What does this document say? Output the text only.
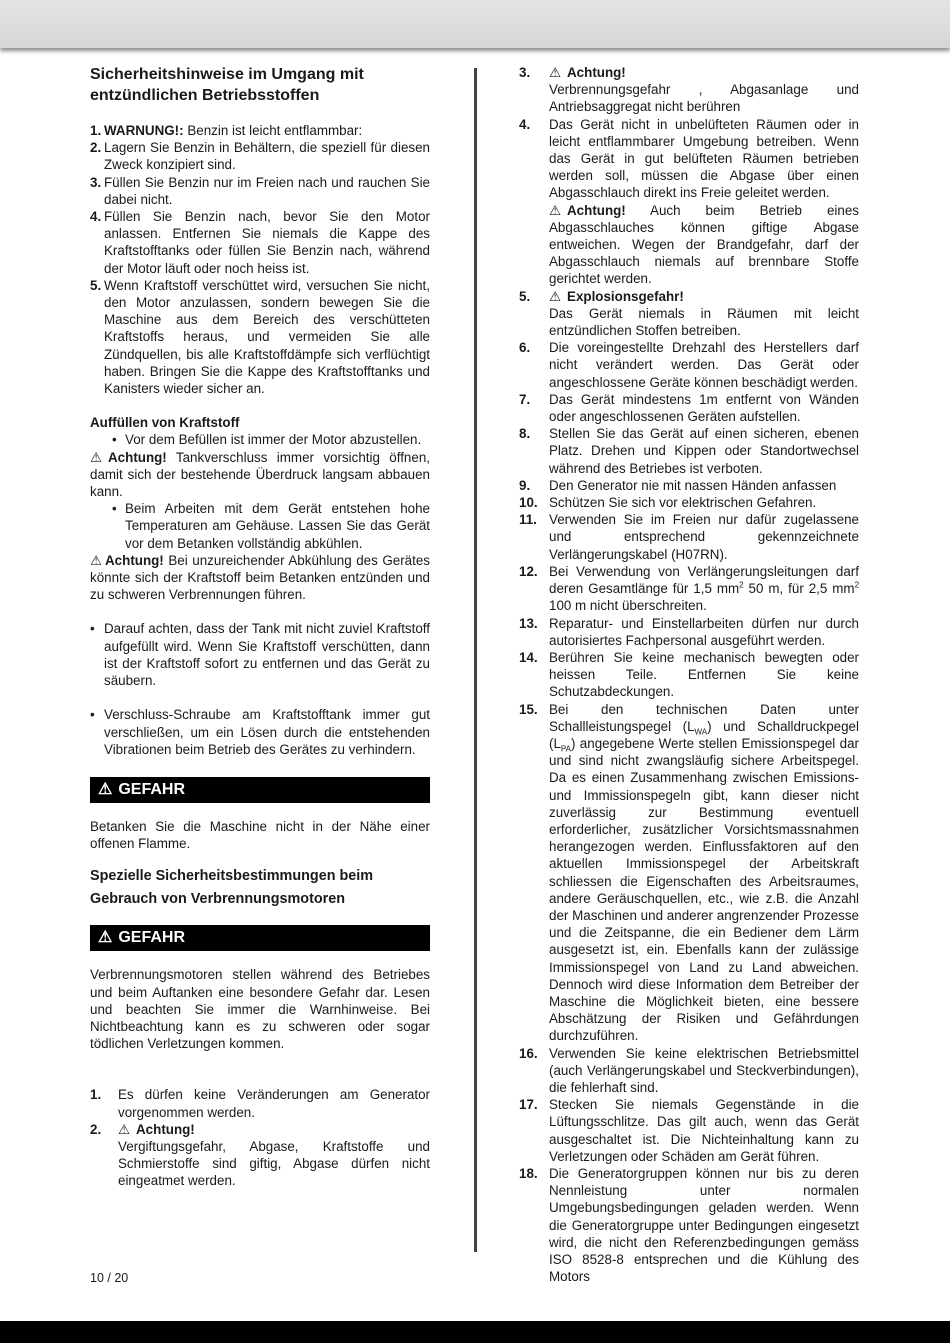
Sicherheitshinweise im Umgang mit entzündlichen Betriebsstoffen
1. WARNUNG!: Benzin ist leicht entflammbar:
2. Lagern Sie Benzin in Behältern, die speziell für diesen Zweck konzipiert sind.
3. Füllen Sie Benzin nur im Freien nach und rauchen Sie dabei nicht.
4. Füllen Sie Benzin nach, bevor Sie den Motor anlassen. Entfernen Sie niemals die Kappe des Kraftstofftanks oder füllen Sie Benzin nach, während der Motor läuft oder noch heiss ist.
5. Wenn Kraftstoff verschüttet wird, versuchen Sie nicht, den Motor anzulassen, sondern bewegen Sie die Maschine aus dem Bereich des verschütteten Kraftstoffs heraus, und vermeiden Sie alle Zündquellen, bis alle Kraftstoffdämpfe sich verflüchtigt haben. Bringen Sie die Kappe des Kraftstofftanks und Kanisters wieder sicher an.
Auffüllen von Kraftstoff
• Vor dem Befüllen ist immer der Motor abzustellen.
⚠ Achtung! Tankverschluss immer vorsichtig öffnen, damit sich der bestehende Überdruck langsam abbauen kann.
• Beim Arbeiten mit dem Gerät entstehen hohe Temperaturen am Gehäuse. Lassen Sie das Gerät vor dem Betanken vollständig abkühlen.
⚠ Achtung! Bei unzureichender Abkühlung des Gerätes könnte sich der Kraftstoff beim Betanken entzünden und zu schweren Verbrennungen führen.
• Darauf achten, dass der Tank mit nicht zuviel Kraftstoff aufgefüllt wird. Wenn Sie Kraftstoff verschütten, dann ist der Kraftstoff sofort zu entfernen und das Gerät zu säubern.
• Verschluss-Schraube am Kraftstofftank immer gut verschließen, um ein Lösen durch die entstehenden Vibrationen beim Betrieb des Gerätes zu verhindern.
⚠ GEFAHR
Betanken Sie die Maschine nicht in der Nähe einer offenen Flamme.
Spezielle Sicherheitsbestimmungen beim Gebrauch von Verbrennungsmotoren
⚠ GEFAHR
Verbrennungsmotoren stellen während des Betriebes und beim Auftanken eine besondere Gefahr dar. Lesen und beachten Sie immer die Warnhinweise. Bei Nichtbeachtung kann es zu schweren oder sogar tödlichen Verletzungen kommen.
1.	Es dürfen keine Veränderungen am Generator vorgenommen werden.
2.	⚠ Achtung!
Vergiftungsgefahr, Abgase, Kraftstoffe und Schmierstoffe sind giftig, Abgase dürfen nicht eingeatmet werden.
3.	⚠ Achtung!
Verbrennungsgefahr , Abgasanlage und Antriebsaggregat nicht berühren
4.	Das Gerät nicht in unbelüfteten Räumen oder in leicht entflammbarer Umgebung betreiben. Wenn das Gerät in gut belüfteten Räumen betrieben werden soll, müssen die Abgase über einen Abgasschlauch direkt ins Freie geleitet werden.
⚠ Achtung! Auch beim Betrieb eines Abgasschlauches können giftige Abgase entweichen. Wegen der Brandgefahr, darf der Abgasschlauch niemals auf brennbare Stoffe gerichtet werden.
5.	⚠ Explosionsgefahr!
Das Gerät niemals in Räumen mit leicht entzündlichen Stoffen betreiben.
6.	Die voreingestellte Drehzahl des Herstellers darf nicht verändert werden. Das Gerät oder angeschlossene Geräte können beschädigt werden.
7.	Das Gerät mindestens 1m entfernt von Wänden oder angeschlossenen Geräten aufstellen.
8.	Stellen Sie das Gerät auf einen sicheren, ebenen Platz. Drehen und Kippen oder Standortwechsel während des Betriebes ist verboten.
9.	Den Generator nie mit nassen Händen anfassen
10. Schützen Sie sich vor elektrischen Gefahren.
11. Verwenden Sie im Freien nur dafür zugelassene und entsprechend gekennzeichnete Verlängerungskabel (H07RN).
12. Bei Verwendung von Verlängerungsleitungen darf deren Gesamtlänge für 1,5 $mm^2$ 50 m, für 2,5 $mm^2$ 100 m nicht überschreiten.
13. Reparatur- und Einstellarbeiten dürfen nur durch autorisiertes Fachpersonal ausgeführt werden.
14. Berühren Sie keine mechanisch bewegten oder heissen Teile. Entfernen Sie keine Schutzabdeckungen.
15. Bei den technischen Daten unter Schallleistungspegel $(L_{WA})$ und Schalldruckpegel $(L_{PA})$ angegebene Werte stellen Emissionspegel dar und sind nicht zwangsläufig sichere Arbeitspegel. Da es einen Zusammenhang zwischen Emissions- und Immissionspegeln gibt, kann dieser nicht zuverlässig zur Bestimmung eventuell erforderlicher, zusätzlicher Vorsichtsmassnahmen herangezogen werden. Einflussfaktoren auf den aktuellen Immissionspegel der Arbeitskraft schliessen die Eigenschaften des Arbeitsraumes, andere Geräuschquellen, etc., wie z.B. die Anzahl der Maschinen und anderer angrenzender Prozesse und die Zeitspanne, die ein Bediener dem Lärm ausgesetzt ist, ein. Ebenfalls kann der zulässige Immissionspegel von Land zu Land abweichen. Dennoch wird diese Information dem Betreiber der Maschine die Möglichkeit bieten, eine bessere Abschätzung der Risiken und Gefährdungen durchzuführen.
16. Verwenden Sie keine elektrischen Betriebsmittel (auch Verlängerungskabel und Steckverbindungen), die fehlerhaft sind.
17. Stecken Sie niemals Gegenstände in die Lüftungsschlitze. Das gilt auch, wenn das Gerät ausgeschaltet ist. Die Nichteinhaltung kann zu Verletzungen oder Schäden am Gerät führen.
18. Die Generatorgruppen können nur bis zu deren Nennleistung unter normalen Umgebungsbedingungen geladen werden. Wenn die Generatorgruppe unter Bedingungen eingesetzt wird, die nicht den Referenzbedingungen gemäss ISO 8528-8 entsprechen und die Kühlung des Motors
10 / 20
